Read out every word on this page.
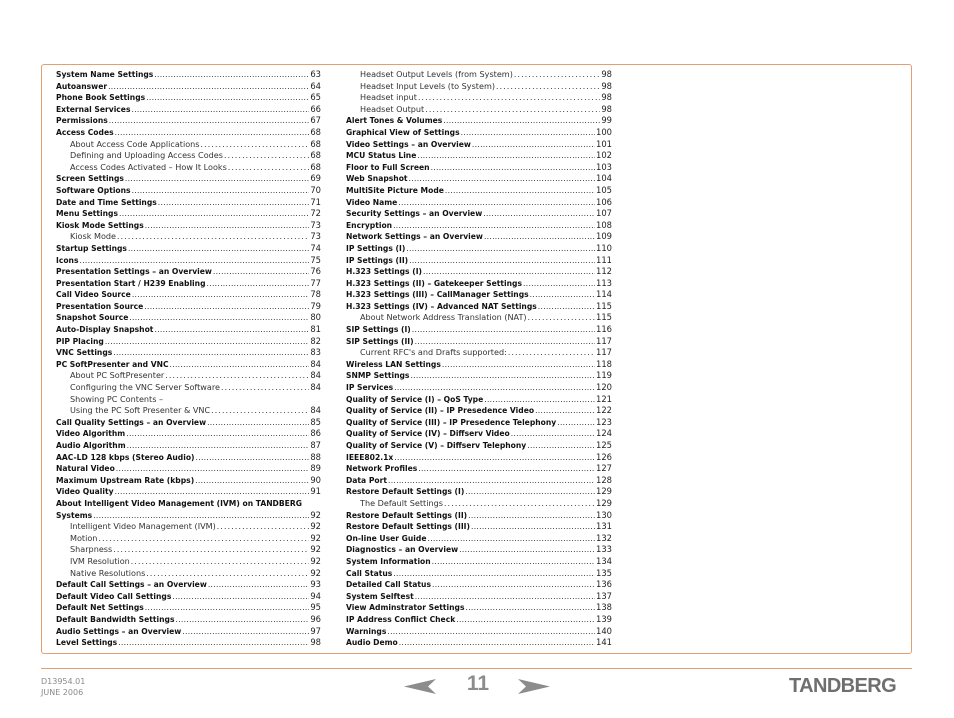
System Name Settings .....	63
Autoanswer .....	64
Phone Book Settings .....	65
External Services .....	66
Permissions .....	67
Access Codes .....	68
About Access Code Applications .....	68
Defining and Uploading Access Codes .....	68
Access Codes Activated – How It Looks .....	68
Screen Settings .....	69
Software Options .....	70
Date and Time Settings .....	71
Menu Settings .....	72
Kiosk Mode Settings .....	73
Kiosk Mode .....	73
Startup Settings .....	74
Icons .....	75
Presentation Settings – an Overview .....	76
Presentation Start / H239 Enabling .....	77
Call Video Source .....	78
Presentation Source .....	79
Snapshot Source .....	80
Auto-Display Snapshot .....	81
PIP Placing .....	82
VNC Settings .....	83
PC SoftPresenter and VNC .....	84
About PC SoftPresenter .....	84
Configuring the VNC Server Software .....	84
Showing PC Contents –
Using the PC Soft Presenter & VNC .....	84
Call Quality Settings – an Overview .....	85
Video Algorithm .....	86
Audio Algorithm .....	87
AAC-LD 128 kbps (Stereo Audio) .....	88
Natural Video .....	89
Maximum Upstream Rate (kbps) .....	90
Video Quality .....	91
About Intelligent Video Management (IVM) on TANDBERG
Systems .....	92
Intelligent Video Management (IVM) .....	92
Motion .....	92
Sharpness .....	92
IVM Resolution .....	92
Native Resolutions .....	92
Default Call Settings – an Overview .....	93
Default Video Call Settings .....	94
Default Net Settings .....	95
Default Bandwidth Settings .....	96
Audio Settings – an Overview .....	97
Level Settings .....	98
Headset Output Levels (from System) .....	98
Headset Input Levels (to System) .....	98
Headset input .....	98
Headset Output .....	98
Alert Tones & Volumes .....	99
Graphical View of Settings .....	100
Video Settings – an Overview .....	101
MCU Status Line .....	102
Floor to Full Screen .....	103
Web Snapshot .....	104
MultiSite Picture Mode .....	105
Video Name .....	106
Security Settings – an Overview .....	107
Encryption .....	108
Network Settings – an Overview .....	109
IP Settings (I) .....	110
IP Settings (II) .....	111
H.323 Settings (I) .....	112
H.323 Settings (II) – Gatekeeper Settings .....	113
H.323 Settings (III) – CallManager Settings .....	114
H.323 Settings (IV) – Advanced NAT Settings .....	115
About Network Address Translation (NAT) .....	115
SIP Settings (I) .....	116
SIP Settings (II) .....	117
Current RFC's and Drafts supported: .....	117
Wireless LAN Settings .....	118
SNMP Settings .....	119
IP Services .....	120
Quality of Service (I) – QoS Type .....	121
Quality of Service (II) – IP Presedence Video .....	122
Quality of Service (III) – IP Presedence Telephony .....	123
Quality of Service (IV) – Diffserv Video .....	124
Quality of Service (V) – Diffserv Telephony .....	125
IEEE802.1x .....	126
Network Profiles .....	127
Data Port .....	128
Restore Default Settings (I) .....	129
The Default Settings .....	129
Restore Default Settings (II) .....	130
Restore Default Settings (III) .....	131
On-line User Guide .....	132
Diagnostics – an Overview .....	133
System Information .....	134
Call Status .....	135
Detailed Call Status .....	136
System Selftest .....	137
View Adminstrator Settings .....	138
IP Address Conflict Check .....	139
Warnings .....	140
Audio Demo .....	141
D13954.01
JUNE 2006	11	TANDBERG
